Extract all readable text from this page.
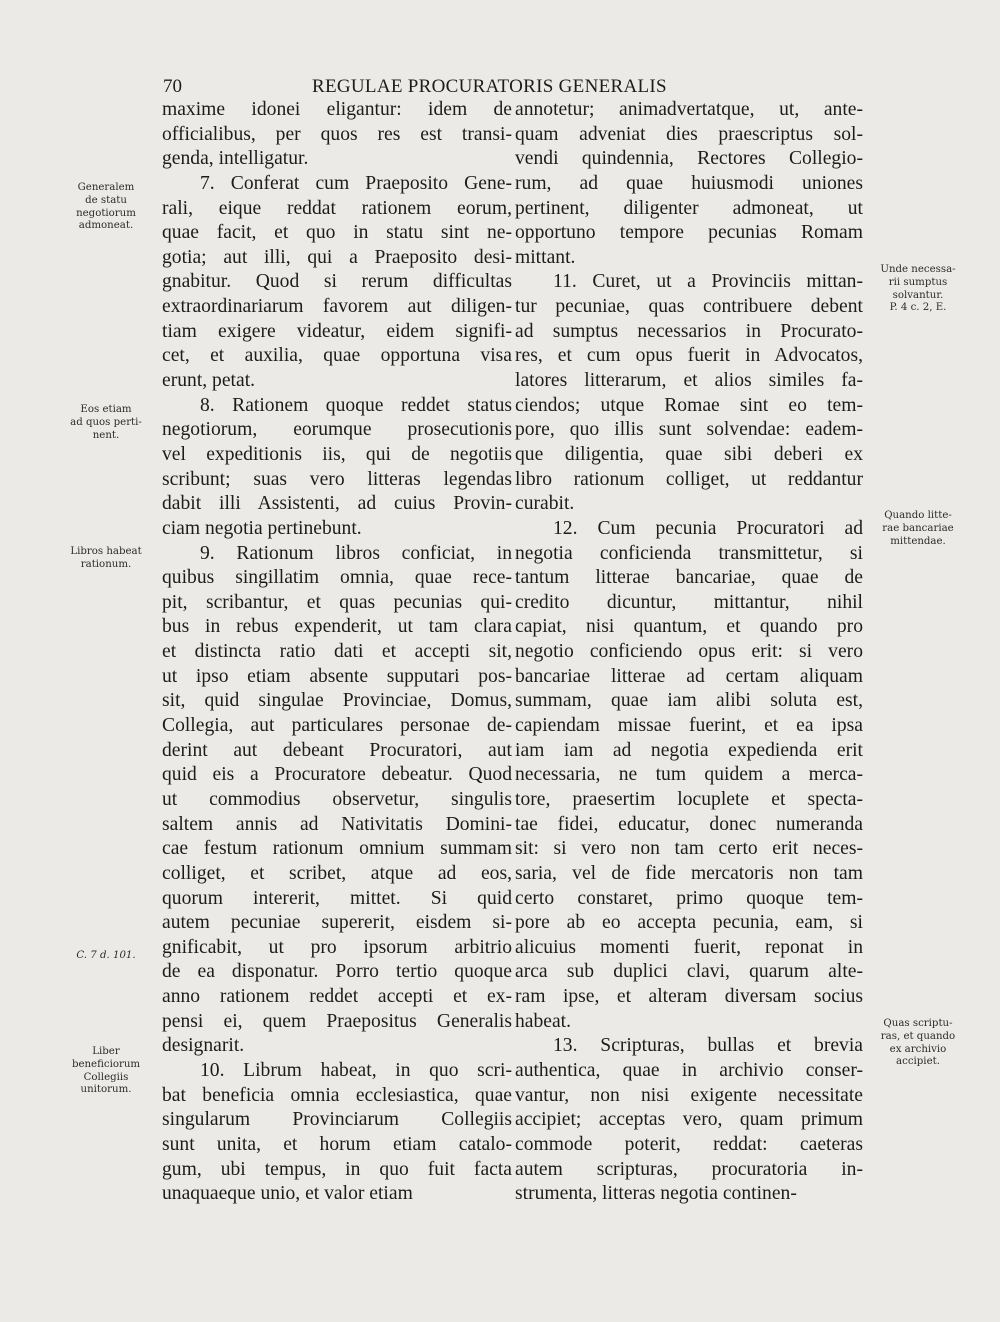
70	REGULAE PROCURATORIS GENERALIS
maxime idonei eligantur: idem de
officialibus, per quos res est transi-
genda, intelligatur.
7. Conferat cum Praeposito Gene-
rali, eique reddat rationem eorum,
quae facit, et quo in statu sint ne-
gotia; aut illi, qui a Praeposito desi-
gnabitur. Quod si rerum difficultas
extraordinariarum favorem aut diligen-
tiam exigere videatur, eidem signifi-
cet, et auxilia, quae opportuna visa
erunt, petat.
8. Rationem quoque reddet status
negotiorum, eorumque prosecutionis
vel expeditionis iis, qui de negotiis
scribunt; suas vero litteras legendas
dabit illi Assistenti, ad cuius Provin-
ciam negotia pertinebunt.
9. Rationum libros conficiat, in
quibus singillatim omnia, quae rece-
pit, scribantur, et quas pecunias qui-
bus in rebus expenderit, ut tam clara
et distincta ratio dati et accepti sit,
ut ipso etiam absente supputari pos-
sit, quid singulae Provinciae, Domus,
Collegia, aut particulares personae de-
derint aut debeant Procuratori, aut
quid eis a Procuratore debeatur. Quod
ut commodius observetur, singulis
saltem annis ad Nativitatis Domini-
cae festum rationum omnium summam
colliget, et scribet, atque ad eos,
quorum intererit, mittet. Si quid
autem pecuniae supererit, eisdem si-
gnificabit, ut pro ipsorum arbitrio
de ea disponatur. Porro tertio quoque
anno rationem reddet accepti et ex-
pensi ei, quem Praepositus Generalis
designarit.
10. Librum habeat, in quo scri-
bat beneficia omnia ecclesiastica, quae
singularum Provinciarum Collegiis
sunt unita, et horum etiam catalo-
gum, ubi tempus, in quo fuit facta
unaquaeque unio, et valor etiam
annotetur; animadvertatque, ut, ante-
quam adveniat dies praescriptus sol-
vendi quindennia, Rectores Collegio-
rum, ad quae huiusmodi uniones
pertinent, diligenter admoneat, ut
opportuno tempore pecunias Romam
mittant.
11. Curet, ut a Provinciis mittan-
tur pecuniae, quas contribuere debent
ad sumptus necessarios in Procurato-
res, et cum opus fuerit in Advocatos,
latores litterarum, et alios similes fa-
ciendos; utque Romae sint eo tem-
pore, quo illis sunt solvendae: eadem-
que diligentia, quae sibi deberi ex
libro rationum colliget, ut reddantur
curabit.
12. Cum pecunia Procuratori ad
negotia conficienda transmittetur, si
tantum litterae bancariae, quae de
credito dicuntur, mittantur, nihil
capiat, nisi quantum, et quando pro
negotio conficiendo opus erit: si vero
bancariae litterae ad certam aliquam
summam, quae iam alibi soluta est,
capiendam missae fuerint, et ea ipsa
iam iam ad negotia expedienda erit
necessaria, ne tum quidem a merca-
tore, praesertim locuplete et specta-
tae fidei, educatur, donec numeranda
sit: si vero non tam certo erit neces-
saria, vel de fide mercatoris non tam
certo constaret, primo quoque tem-
pore ab eo accepta pecunia, eam, si
alicuius momenti fuerit, reponat in
arca sub duplici clavi, quarum alte-
ram ipse, et alteram diversam socius
habeat.
13. Scripturas, bullas et brevia
authentica, quae in archivio conser-
vantur, non nisi exigente necessitate
accipiet; acceptas vero, quam primum
commode poterit, reddat: caeteras
autem scripturas, procuratoria in-
strumenta, litteras negotia continen-
Generalem
de statu
negotiorum
admoneat.
Eos etiam
ad quos perti-
nent.
Libros habeat
rationum.
C. 7 d. 101.
Liber
beneficiorum
Collegiis
unitorum.
Unde necessa-
rii sumptus
solvantur.
P. 4 c. 2, E.
Quando litte-
rae bancariae
mittendae.
Quas scriptu-
ras, et quando
ex archivio
accipiet.
